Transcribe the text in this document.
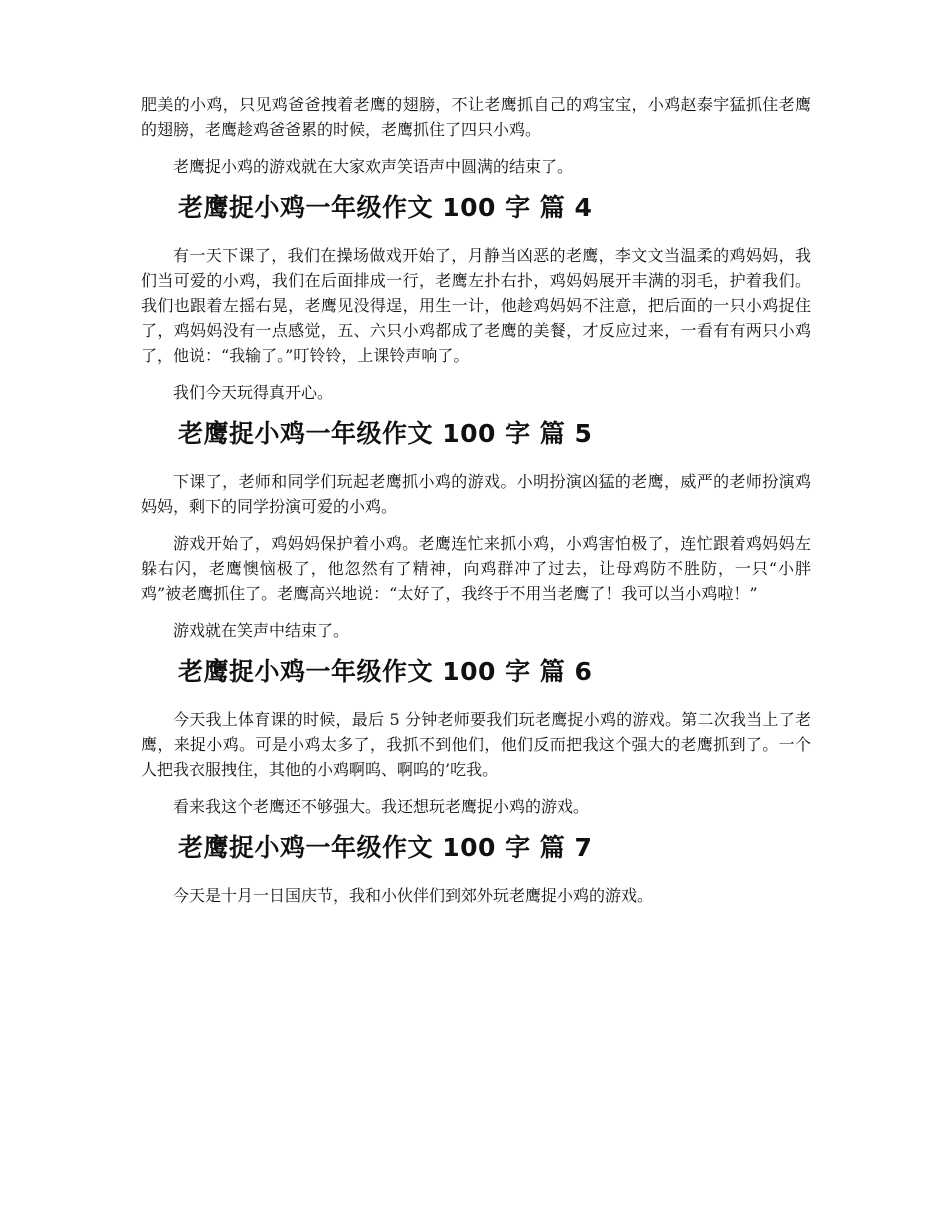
肥美的小鸡，只见鸡爸爸拽着老鹰的翅膀，不让老鹰抓自己的鸡宝宝，小鸡赵泰宇猛抓住老鹰的翅膀，老鹰趁鸡爸爸累的时候，老鹰抓住了四只小鸡。

老鹰捉小鸡的游戏就在大家欢声笑语声中圆满的结束了。

老鹰捉小鸡一年级作文 100 字 篇 4

有一天下课了，我们在操场做戏开始了，月静当凶恶的老鹰，李文文当温柔的鸡妈妈，我们当可爱的小鸡，我们在后面排成一行，老鹰左扑右扑，鸡妈妈展开丰满的羽毛，护着我们。我们也跟着左摇右晃，老鹰见没得逞，用生一计，他趁鸡妈妈不注意，把后面的一只小鸡捉住了，鸡妈妈没有一点感觉，五、六只小鸡都成了老鹰的美餐，才反应过来，一看有有两只小鸡了，他说：“我输了。”叮铃铃，上课铃声响了。

我们今天玩得真开心。

老鹰捉小鸡一年级作文 100 字 篇 5

下课了，老师和同学们玩起老鹰抓小鸡的游戏。小明扮演凶猛的老鹰，威严的老师扮演鸡妈妈，剩下的同学扮演可爱的小鸡。

游戏开始了，鸡妈妈保护着小鸡。老鹰连忙来抓小鸡，小鸡害怕极了，连忙跟着鸡妈妈左躲右闪，老鹰懊恼极了，他忽然有了精神，向鸡群冲了过去，让母鸡防不胜防，一只“小胖鸡”被老鹰抓住了。老鹰高兴地说：“太好了，我终于不用当老鹰了！我可以当小鸡啦！”

游戏就在笑声中结束了。

老鹰捉小鸡一年级作文 100 字 篇 6

今天我上体育课的时候，最后 5 分钟老师要我们玩老鹰捉小鸡的游戏。第二次我当上了老鹰，来捉小鸡。可是小鸡太多了，我抓不到他们，他们反而把我这个强大的老鹰抓到了。一个人把我衣服拽住，其他的小鸡啊呜、啊呜的’吃我。

看来我这个老鹰还不够强大。我还想玩老鹰捉小鸡的游戏。

老鹰捉小鸡一年级作文 100 字 篇 7

今天是十月一日国庆节，我和小伙伴们到郊外玩老鹰捉小鸡的游戏。
